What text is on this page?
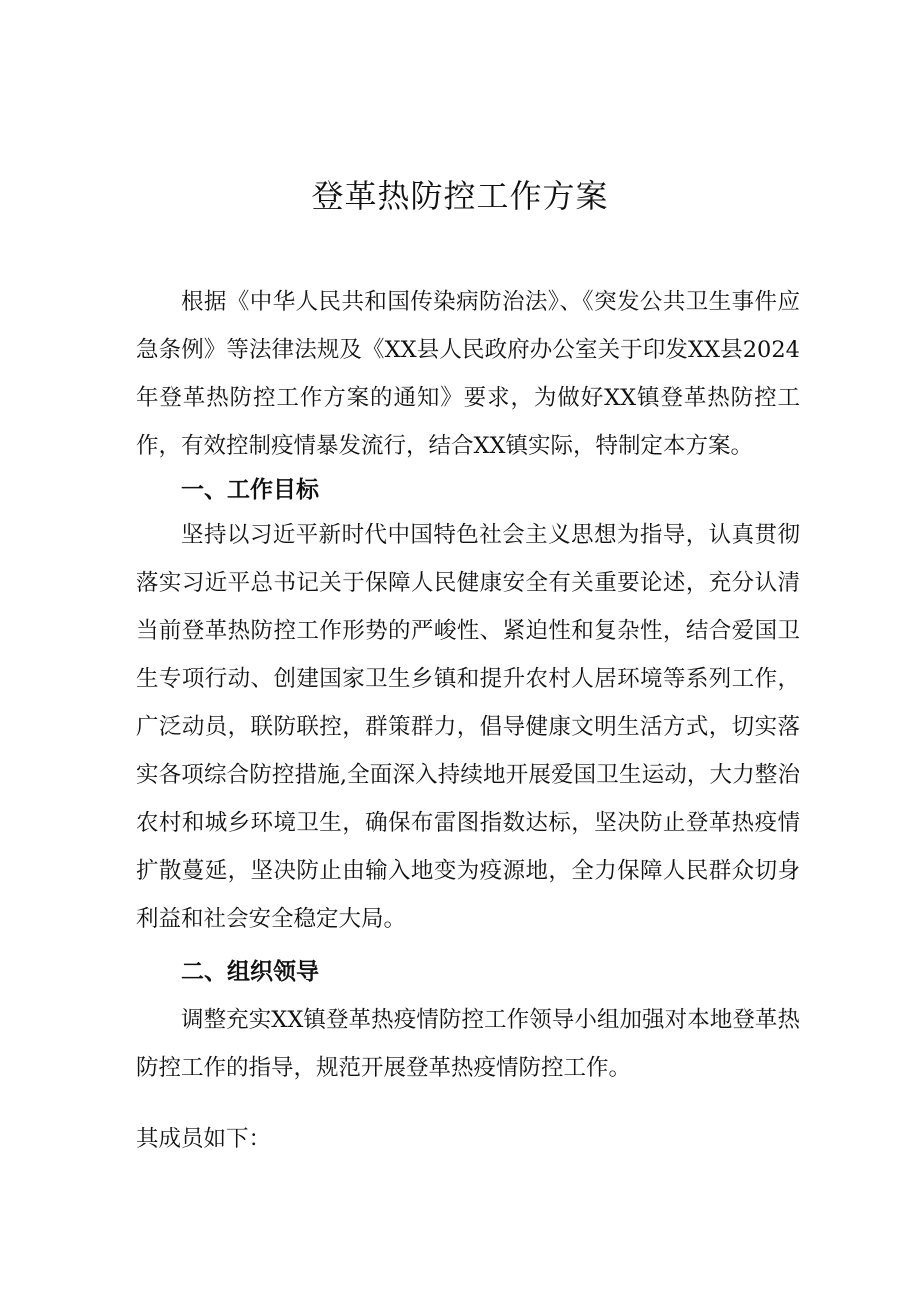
登革热防控工作方案

根据《中华人民共和国传染病防治法》、《突发公共卫生事件应急条例》等法律法规及《XX县人民政府办公室关于印发XX县2024年登革热防控工作方案的通知》要求，为做好XX镇登革热防控工作，有效控制疫情暴发流行，结合XX镇实际，特制定本方案。

一、工作目标

坚持以习近平新时代中国特色社会主义思想为指导，认真贯彻落实习近平总书记关于保障人民健康安全有关重要论述，充分认清当前登革热防控工作形势的严峻性、紧迫性和复杂性，结合爱国卫生专项行动、创建国家卫生乡镇和提升农村人居环境等系列工作，广泛动员，联防联控，群策群力，倡导健康文明生活方式，切实落实各项综合防控措施,全面深入持续地开展爱国卫生运动，大力整治农村和城乡环境卫生，确保布雷图指数达标，坚决防止登革热疫情扩散蔓延，坚决防止由输入地变为疫源地，全力保障人民群众切身利益和社会安全稳定大局。

二、组织领导

调整充实XX镇登革热疫情防控工作领导小组加强对本地登革热防控工作的指导，规范开展登革热疫情防控工作。

其成员如下：
